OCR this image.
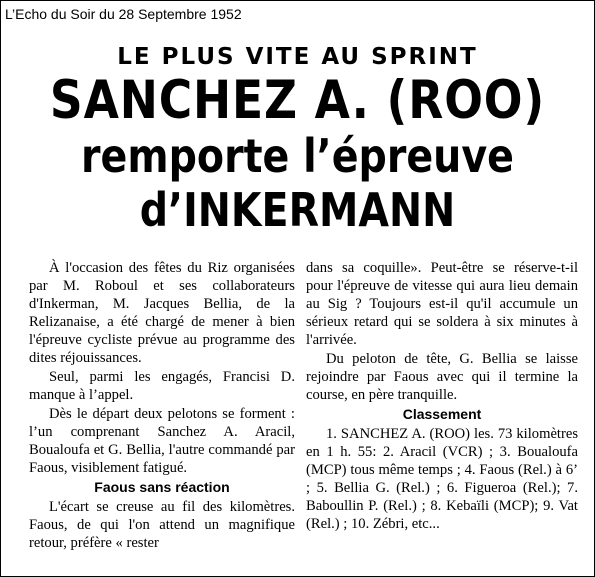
L’Echo du Soir du 28 Septembre 1952
LE PLUS VITE AU SPRINT
SANCHEZ A. (ROO)
remporte l’épreuve
d’INKERMANN

À l'occasion des fêtes du Riz organisées par M. Roboul et ses collaborateurs d'Inkerman, M. Jacques Bellia, de la Relizanaise, a été chargé de mener à bien l'épreuve cycliste prévue au programme des dites réjouissances.

Seul, parmi les engagés, Francisi D. manque à l’appel.

Dès le départ deux pelotons se forment : l’un comprenant Sanchez A. Aracil, Boualoufa et G. Bellia, l'autre commandé par Faous, visiblement fatigué.

Faous sans réaction

L'écart se creuse au fil des kilomètres. Faous, de qui l'on attend un magnifique retour, préfère « rester

dans sa coquille». Peut-être se réserve-t-il pour l'épreuve de vitesse qui aura lieu demain au Sig ? Toujours est-il qu'il accumule un sérieux retard qui se soldera à six minutes à l'arrivée.

Du peloton de tête, G. Bellia se laisse rejoindre par Faous avec qui il termine la course, en père tranquille.

Classement

1. SANCHEZ A. (ROO) les. 73 kilomètres en 1 h. 55: 2. Aracil (VCR) ; 3. Boualoufa (MCP) tous même temps ; 4. Faous (Rel.) à 6’ ; 5. Bellia G. (Rel.) ; 6. Figueroa (Rel.); 7. Baboullin P. (Rel.) ; 8. Kebaïli (MCP); 9. Vat (Rel.) ; 10. Zébri, etc...
